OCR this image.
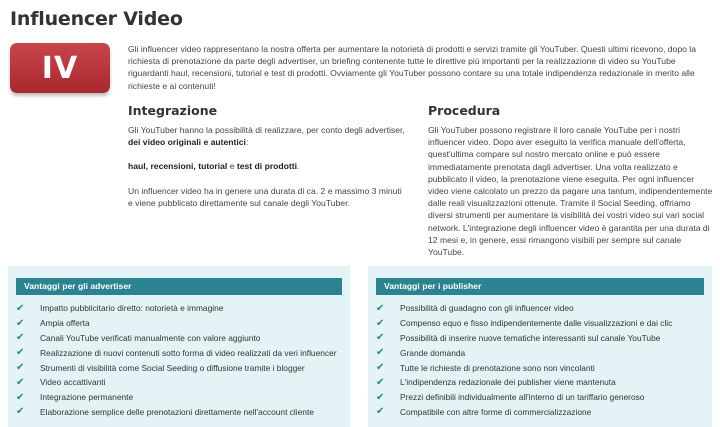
Influencer Video
IV

Gli influencer video rappresentano la nostra offerta per aumentare la notorietà di prodotti e servizi tramite gli YouTuber. Questi ultimi ricevono, dopo la richiesta di prenotazione da parte degli advertiser, un briefing contenente tutte le direttive più importanti per la realizzazione di video su YouTube riguardanti haul, recensioni, tutorial e test di prodotti. Ovviamente gli YouTuber possono contare su una totale indipendenza redazionale in merito alle richieste e ai contenuti!

Integrazione

Gli YouTuber hanno la possibilità di realizzare, per conto degli advertiser, dei video originali e autentici:

haul, recensioni, tutorial e test di prodotti.

Un influencer video ha in genere una durata di ca. 2 e massimo 3 minuti e viene pubblicato direttamente sul canale degli YouTuber.

Procedura

Gli YouTuber possono registrare il loro canale YouTube per i nostri influencer video. Dopo aver eseguito la verifica manuale dell'offerta, quest'ultima compare sul nostro mercato online e può essere immediatamente prenotata dagli advertiser. Una volta realizzato e pubblicato il video, la prenotazione viene eseguita. Per ogni influencer video viene calcolato un prezzo da pagare una tantum, indipendentemente dalle reali visualizzazioni ottenute. Tramite il Social Seeding, offriamo diversi strumenti per aumentare la visibilità dei vostri video sui vari social network. L'integrazione degli influencer video è garantita per una durata di 12 mesi e, in genere, essi rimangono visibili per sempre sul canale YouTube.

Vantaggi per gli advertiser
✔	Impatto pubblicitario diretto: notorietà e immagine
✔	Ampia offerta
✔	Canali YouTube verificati manualmente con valore aggiunto
✔	Realizzazione di nuovi contenuti sotto forma di video realizzati da veri influencer
✔	Strumenti di visibilità come Social Seeding o diffusione tramite i blogger
✔	Video accattivanti
✔	Integrazione permanente
✔	Elaborazione semplice delle prenotazioni direttamente nell'account cliente
Vantaggi per i publisher
✔	Possibilità di guadagno con gli influencer video
✔	Compenso equo e fisso indipendentemente dalle visualizzazioni e dai clic
✔	Possibilità di inserire nuove tematiche interessanti sul canale YouTube
✔	Grande domanda
✔	Tutte le richieste di prenotazione sono non vincolanti
✔	L'indipendenza redazionale dei publisher viene mantenuta
✔	Prezzi definibili individualmente all'interno di un tariffario generoso
✔	Compatibile con altre forme di commercializzazione
